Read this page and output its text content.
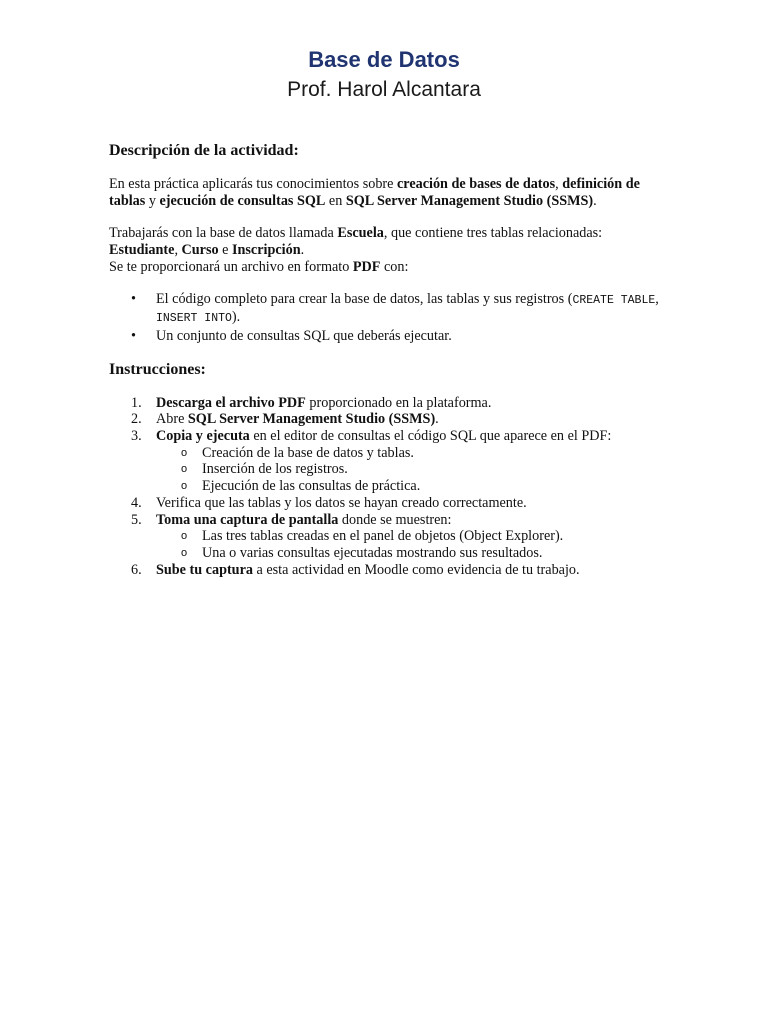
Base de Datos
Prof. Harol Alcantara
Descripción de la actividad:

En esta práctica aplicarás tus conocimientos sobre creación de bases de datos, definición de tablas y ejecución de consultas SQL en SQL Server Management Studio (SSMS).

Trabajarás con la base de datos llamada Escuela, que contiene tres tablas relacionadas:
Estudiante, Curso e Inscripción.

Se te proporcionará un archivo en formato PDF con:

• El código completo para crear la base de datos, las tablas y sus registros (CREATE TABLE, INSERT INTO).
• Un conjunto de consultas SQL que deberás ejecutar.
Instrucciones:
1. Descarga el archivo PDF proporcionado en la plataforma.
2. Abre SQL Server Management Studio (SSMS).
3. Copia y ejecuta en el editor de consultas el código SQL que aparece en el PDF:
o Creación de la base de datos y tablas.
o Inserción de los registros.
o Ejecución de las consultas de práctica.
4. Verifica que las tablas y los datos se hayan creado correctamente.
5. Toma una captura de pantalla donde se muestren:
o Las tres tablas creadas en el panel de objetos (Object Explorer).
o Una o varias consultas ejecutadas mostrando sus resultados.
6. Sube tu captura a esta actividad en Moodle como evidencia de tu trabajo.
